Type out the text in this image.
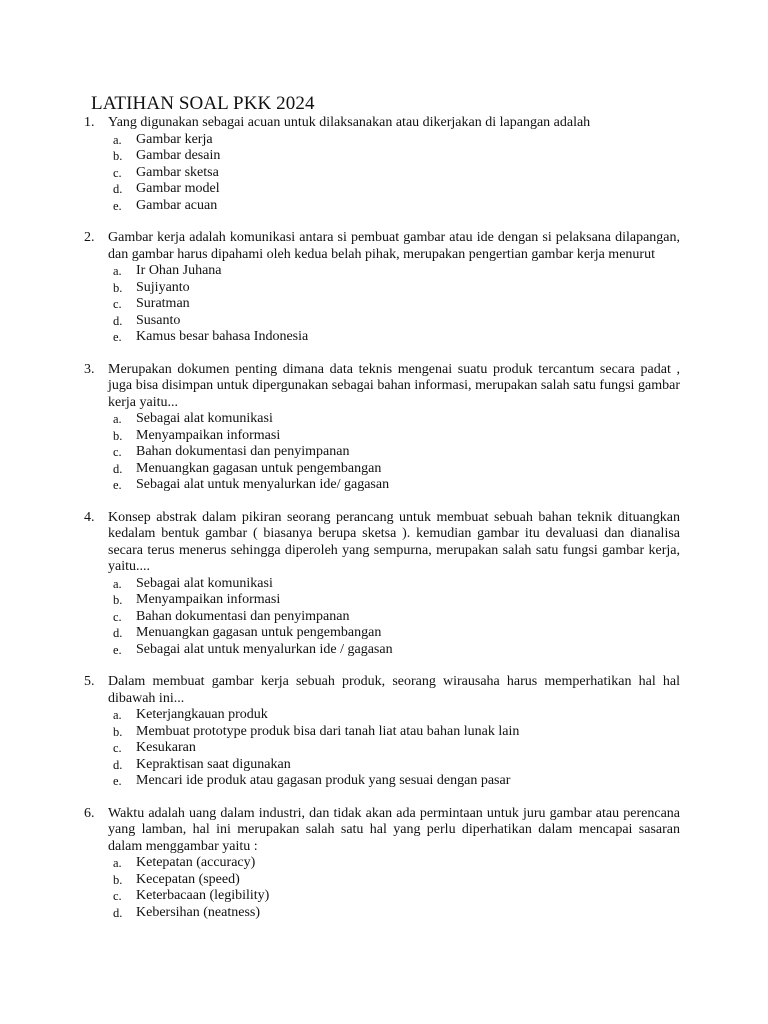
LATIHAN SOAL PKK 2024
1. Yang digunakan sebagai acuan untuk dilaksanakan atau dikerjakan di lapangan adalah
a. Gambar kerja
b. Gambar desain
c. Gambar sketsa
d. Gambar model
e. Gambar acuan
2. Gambar kerja adalah komunikasi antara si pembuat gambar atau ide dengan si pelaksana dilapangan, dan gambar harus dipahami oleh kedua belah pihak, merupakan pengertian gambar kerja menurut
a. Ir Ohan Juhana
b. Sujiyanto
c. Suratman
d. Susanto
e. Kamus besar bahasa Indonesia
3. Merupakan dokumen penting dimana data teknis mengenai suatu produk tercantum secara padat , juga bisa disimpan untuk dipergunakan sebagai bahan informasi, merupakan salah satu fungsi gambar kerja yaitu...
a. Sebagai alat komunikasi
b. Menyampaikan informasi
c. Bahan dokumentasi dan penyimpanan
d. Menuangkan gagasan untuk pengembangan
e. Sebagai alat untuk menyalurkan ide/ gagasan
4. Konsep abstrak dalam pikiran seorang perancang untuk membuat sebuah bahan teknik dituangkan kedalam bentuk gambar ( biasanya berupa sketsa ). kemudian gambar itu devaluasi dan dianalisa secara terus menerus sehingga diperoleh yang sempurna, merupakan salah satu fungsi gambar kerja, yaitu....
a. Sebagai alat komunikasi
b. Menyampaikan informasi
c. Bahan dokumentasi dan penyimpanan
d. Menuangkan gagasan untuk pengembangan
e. Sebagai alat untuk menyalurkan ide / gagasan
5. Dalam membuat gambar kerja sebuah produk, seorang wirausaha harus memperhatikan hal hal dibawah ini...
a. Keterjangkauan produk
b. Membuat prototype produk bisa dari tanah liat atau bahan lunak lain
c. Kesukaran
d. Kepraktisan saat digunakan
e. Mencari ide produk atau gagasan produk yang sesuai dengan pasar
6. Waktu adalah uang dalam industri, dan tidak akan ada permintaan untuk juru gambar atau perencana yang lamban, hal ini merupakan salah satu hal yang perlu diperhatikan dalam mencapai sasaran dalam menggambar yaitu :
a. Ketepatan (accuracy)
b. Kecepatan (speed)
c. Keterbacaan (legibility)
d. Kebersihan (neatness)
